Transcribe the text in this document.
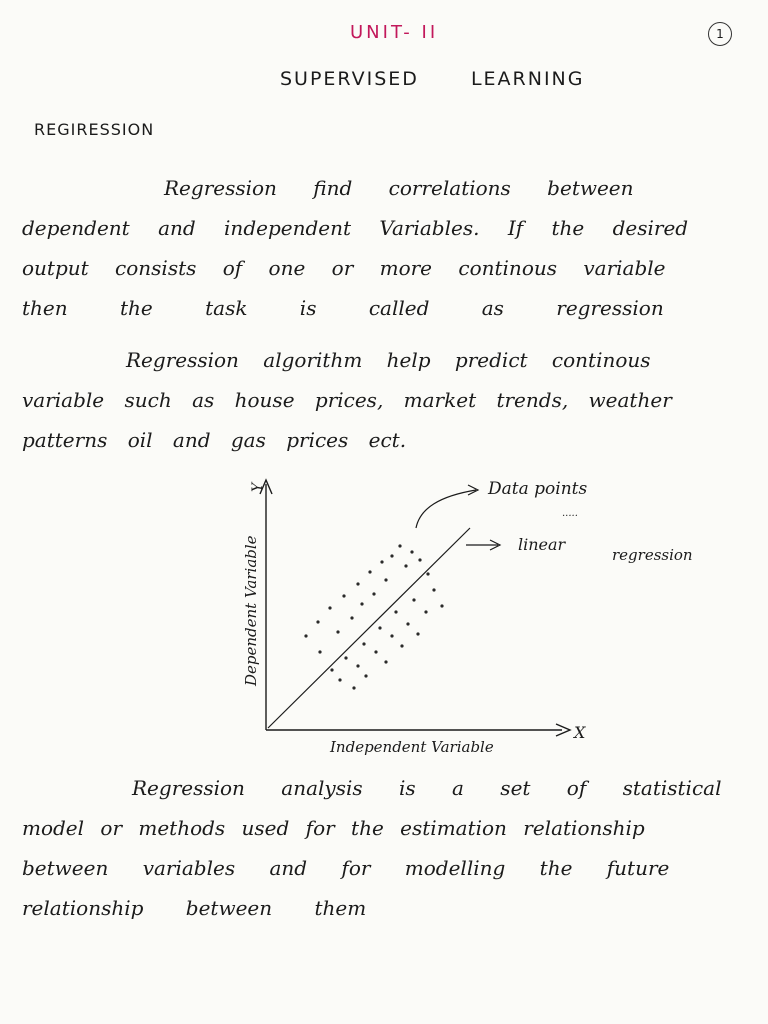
UNIT- II	1
SUPERVISED	LEARNING
REGIRESSION
Regression find correlations between
dependent and independent Variables. If the desired
output consists of one or more continous variable
then the task is called as regression
Regression algorithm help predict continous
variable such as house prices, market trends, weather
patterns oil and gas prices ect.
Y
X
Data points
.....
linear
regression
Dependent Variable
Independent Variable
Regression analysis is a set of statistical
model or methods used for the estimation relationship
between variables and for modelling the future
relationship between them
